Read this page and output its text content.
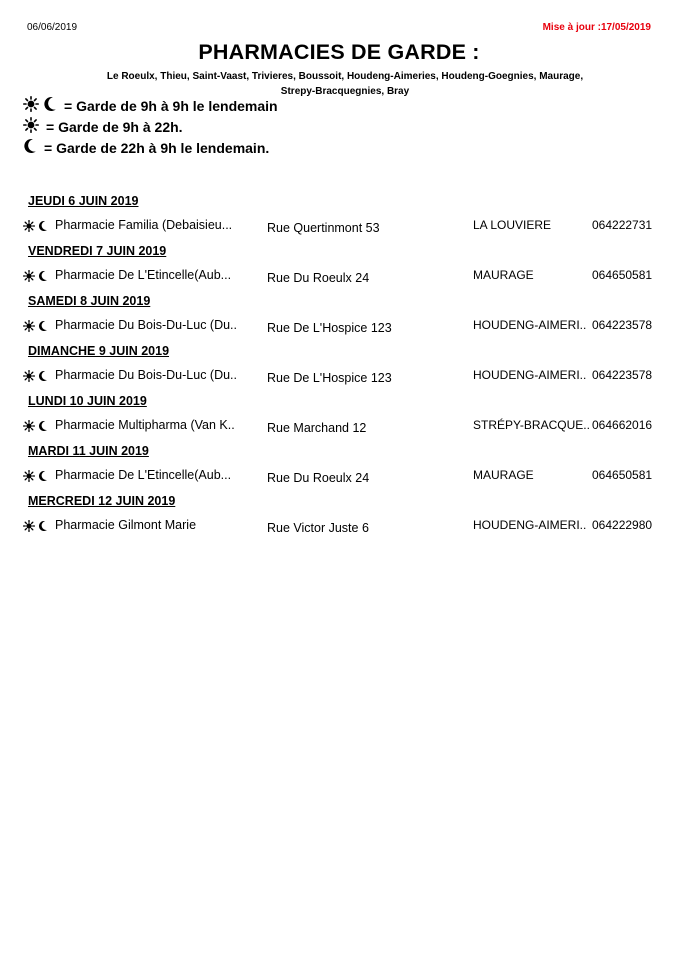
06/06/2019	Mise à jour :17/05/2019
PHARMACIES DE GARDE :
Le Roeulx, Thieu, Saint-Vaast, Trivieres, Boussoit, Houdeng-Aimeries, Houdeng-Goegnies, Maurage,
Strepy-Bracquegnies, Bray
= Garde de 9h à 9h le lendemain
= Garde de 9h à 22h.
= Garde de 22h à 9h le lendemain.
JEUDI 6 JUIN 2019
Pharmacie Familia (Debaisieu...	Rue Quertinmont 53	LA LOUVIERE	064222731
VENDREDI 7 JUIN 2019
Pharmacie De L'Etincelle(Aub...	Rue Du Roeulx 24	MAURAGE	064650581
SAMEDI 8 JUIN 2019
Pharmacie Du Bois-Du-Luc (Du..	Rue De L'Hospice 123	HOUDENG-AIMERI.. 064223578
DIMANCHE 9 JUIN 2019
Pharmacie Du Bois-Du-Luc (Du..	Rue De L'Hospice 123	HOUDENG-AIMERI.. 064223578
LUNDI 10 JUIN 2019
Pharmacie Multipharma (Van K..	Rue Marchand 12	STRÉPY-BRACQUE.. 064662016
MARDI 11 JUIN 2019
Pharmacie De L'Etincelle(Aub...	Rue Du Roeulx 24	MAURAGE	064650581
MERCREDI 12 JUIN 2019
Pharmacie Gilmont Marie	Rue Victor Juste 6	HOUDENG-AIMERI.. 064222980
